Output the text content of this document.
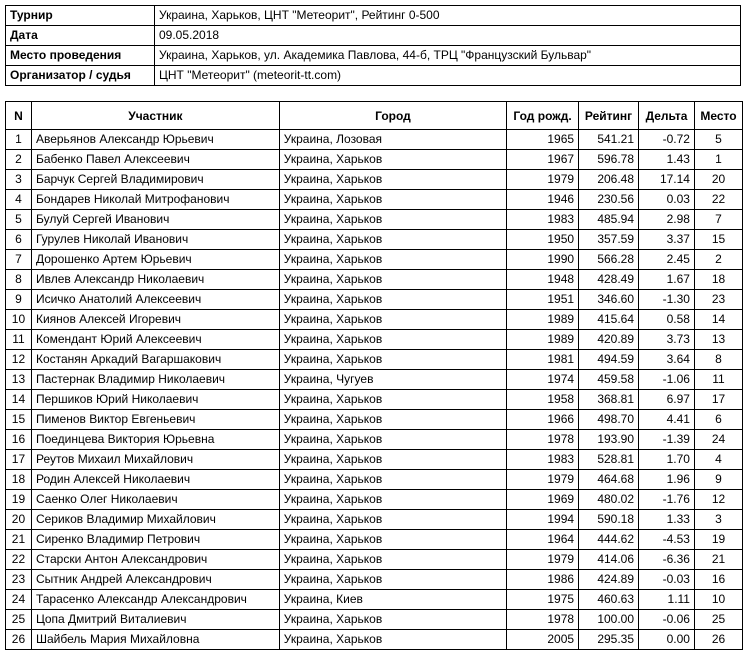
Турнир	Украина, Харьков, ЦНТ "Метеорит", Рейтинг 0-500
Дата	09.05.2018
Место проведения	Украина, Харьков, ул. Академика Павлова, 44-б, ТРЦ "Французский Бульвар"
Организатор / судья	ЦНТ "Метеорит" (meteorit-tt.com)
N	Участник	Город	Год рожд.	Рейтинг	Дельта	Место
1	Аверьянов Александр Юрьевич	Украина, Лозовая	1965	541.21	-0.72	5
2	Бабенко Павел Алексеевич	Украина, Харьков	1967	596.78	1.43	1
3	Барчук Сергей Владимирович	Украина, Харьков	1979	206.48	17.14	20
4	Бондарев Николай Митрофанович	Украина, Харьков	1946	230.56	0.03	22
5	Булуй Сергей Иванович	Украина, Харьков	1983	485.94	2.98	7
6	Гурулев Николай Иванович	Украина, Харьков	1950	357.59	3.37	15
7	Дорошенко Артем Юрьевич	Украина, Харьков	1990	566.28	2.45	2
8	Ивлев Александр Николаевич	Украина, Харьков	1948	428.49	1.67	18
9	Исичко Анатолий Алексеевич	Украина, Харьков	1951	346.60	-1.30	23
10	Киянов Алексей Игоревич	Украина, Харьков	1989	415.64	0.58	14
11	Комендант Юрий Алексеевич	Украина, Харьков	1989	420.89	3.73	13
12	Костанян Аркадий Вагаршакович	Украина, Харьков	1981	494.59	3.64	8
13	Пастернак Владимир Николаевич	Украина, Чугуев	1974	459.58	-1.06	11
14	Першиков Юрий Николаевич	Украина, Харьков	1958	368.81	6.97	17
15	Пименов Виктор Евгеньевич	Украина, Харьков	1966	498.70	4.41	6
16	Поединцева Виктория Юрьевна	Украина, Харьков	1978	193.90	-1.39	24
17	Реутов Михаил Михайлович	Украина, Харьков	1983	528.81	1.70	4
18	Родин Алексей Николаевич	Украина, Харьков	1979	464.68	1.96	9
19	Саенко Олег Николаевич	Украина, Харьков	1969	480.02	-1.76	12
20	Сериков Владимир Михайлович	Украина, Харьков	1994	590.18	1.33	3
21	Сиренко Владимир Петрович	Украина, Харьков	1964	444.62	-4.53	19
22	Старски Антон Александрович	Украина, Харьков	1979	414.06	-6.36	21
23	Сытник Андрей Александрович	Украина, Харьков	1986	424.89	-0.03	16
24	Тарасенко Александр Александрович	Украина, Киев	1975	460.63	1.11	10
25	Цопа Дмитрий Виталиевич	Украина, Харьков	1978	100.00	-0.06	25
26	Шайбель Мария Михайловна	Украина, Харьков	2005	295.35	0.00	26
